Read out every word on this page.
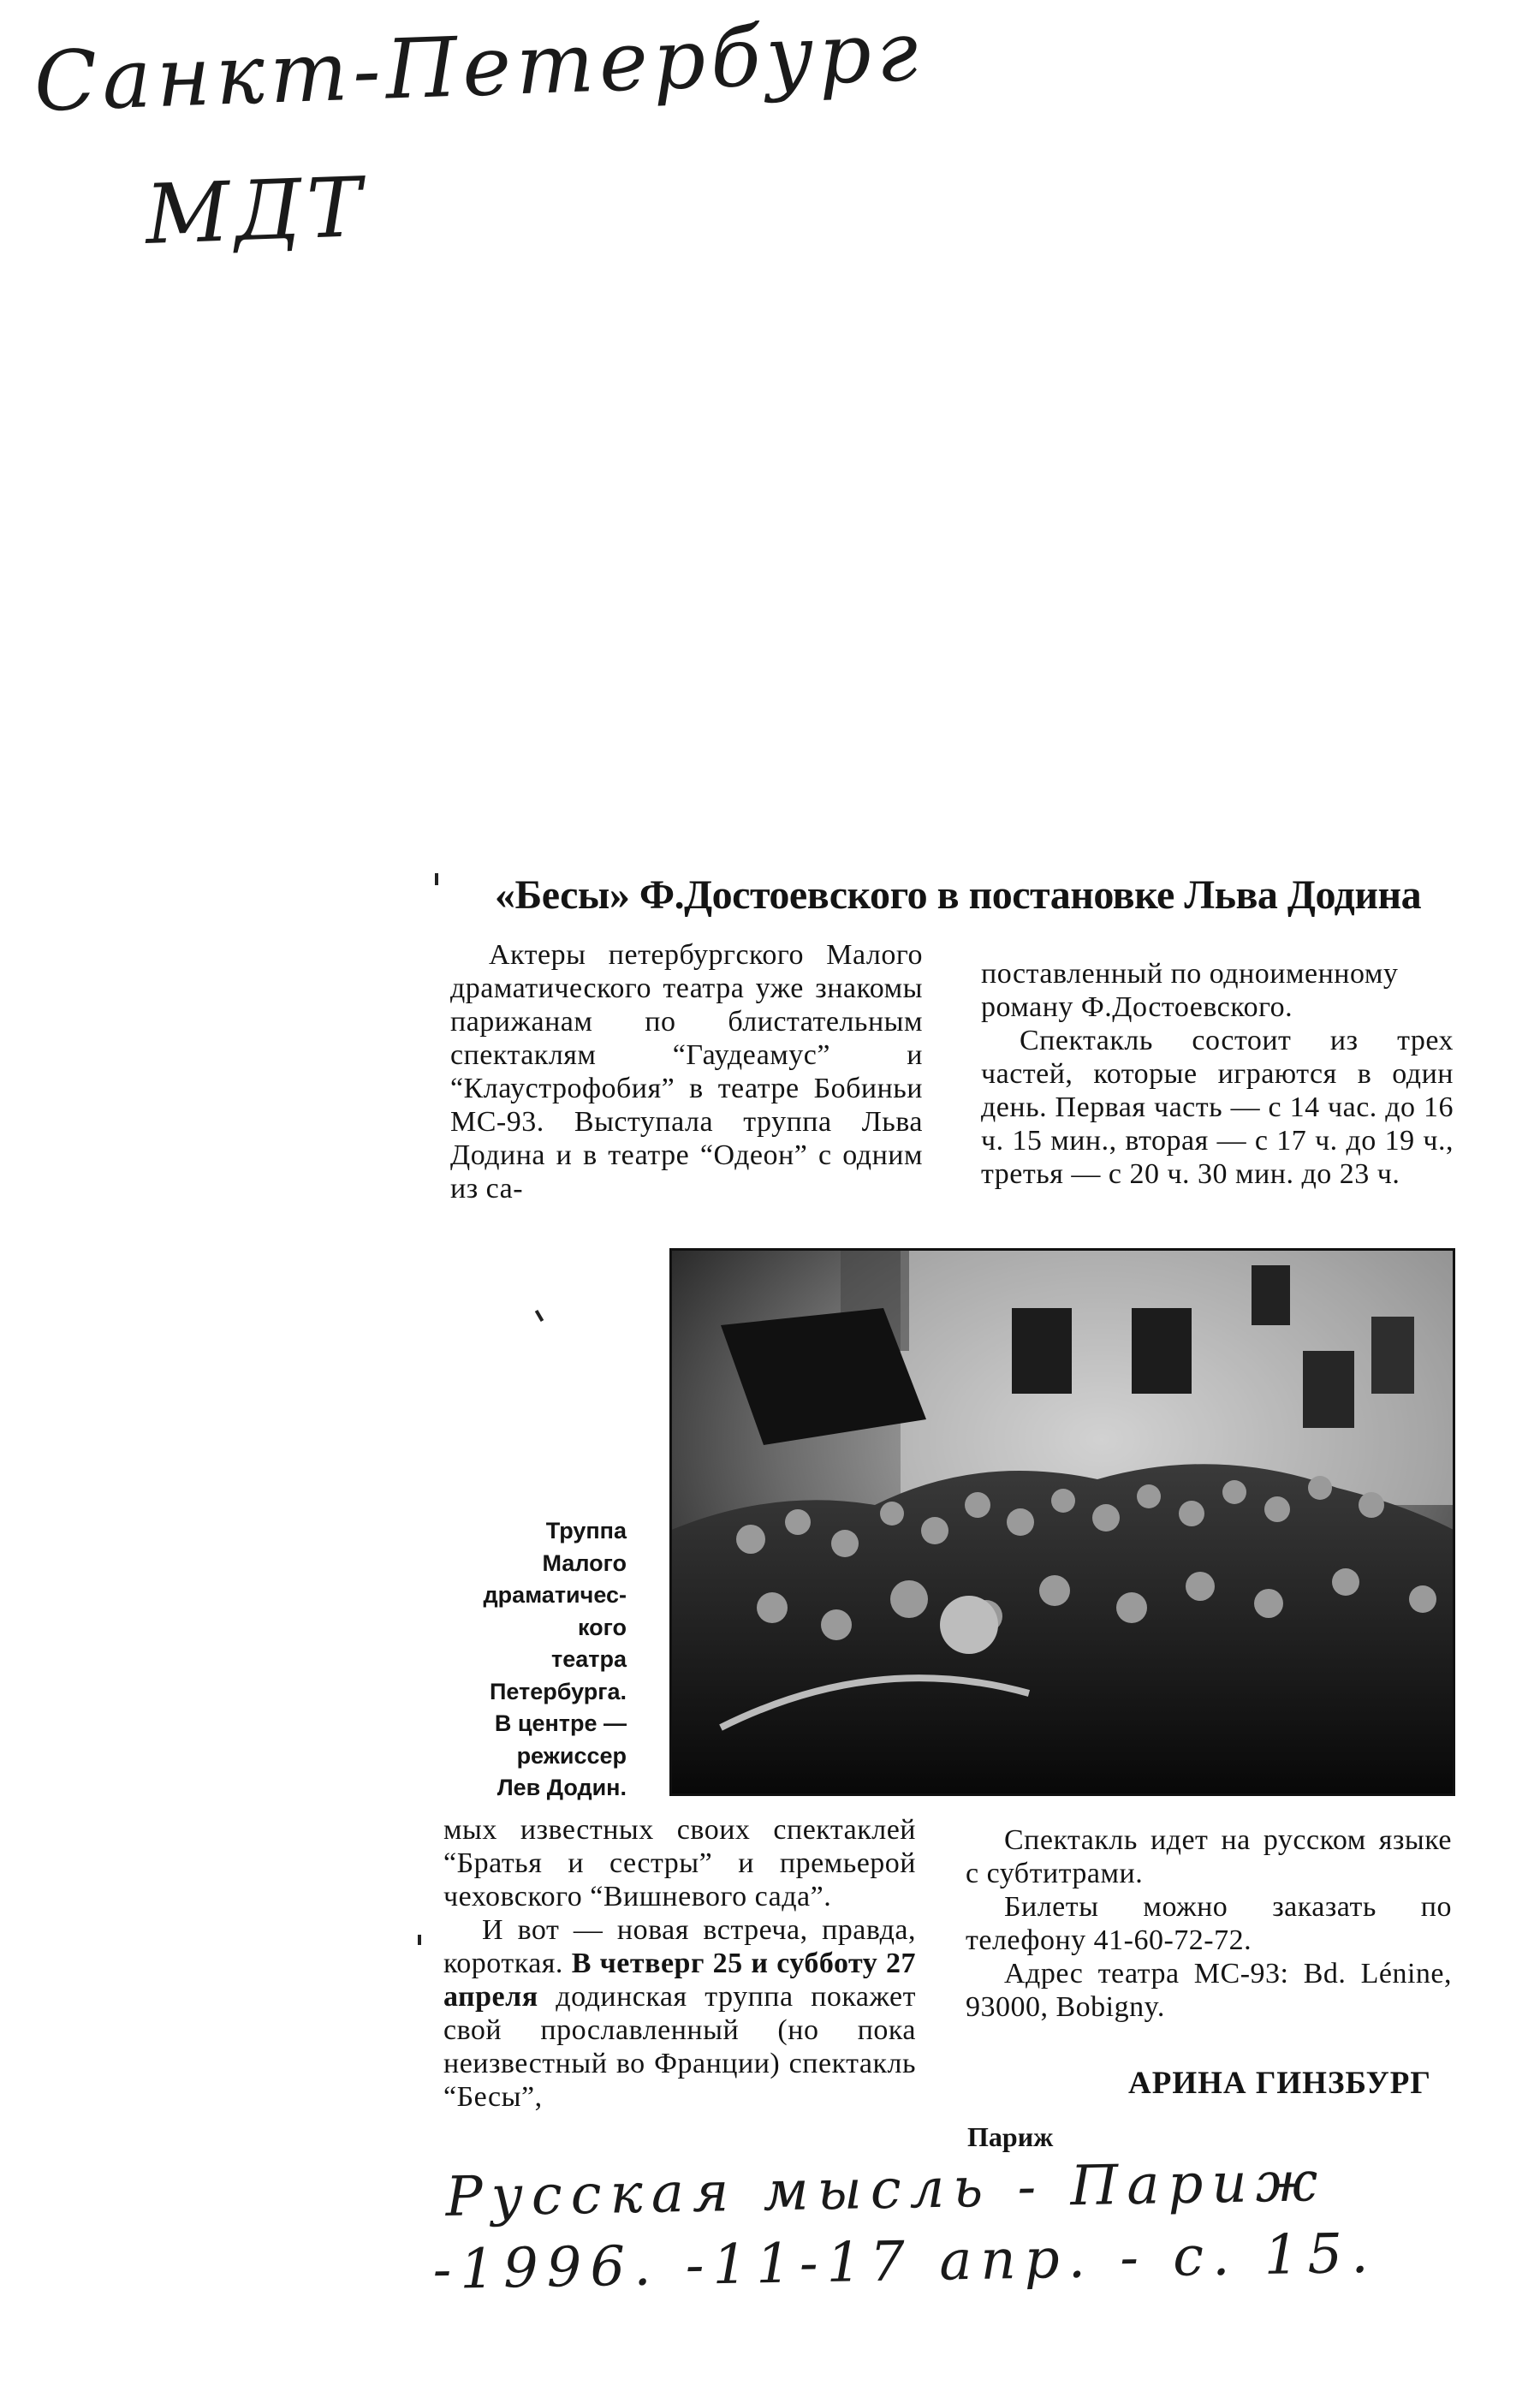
Санкт-Петербург
МДТ
«Бесы» Ф.Достоевского в постановке Льва Додина

Актеры петербургского Малого драматического театра уже знакомы парижанам по блистательным спектаклям “Гаудеамус” и “Клаустрофобия” в театре Бобиньи МС-93. Выступала труппа Льва Додина и в театре “Одеон” с одним из са-

поставленный по одноименному роману Ф.Достоевского.

Спектакль состоит из трех частей, которые играются в один день. Первая часть — с 14 час. до 16 ч. 15 мин., вторая — с 17 ч. до 19 ч., третья — с 20 ч. 30 мин. до 23 ч.

Труппа
Малого
драматичес-
кого
театра
Петербурга.
В центре —
режиссер
Лев Додин.

мых известных своих спектаклей “Братья и сестры” и премьерой чеховского “Вишневого сада”.

И вот — новая встреча, правда, короткая. В четверг 25 и субботу 27 апреля додинская труппа покажет свой прославленный (но пока неизвестный во Франции) спектакль “Бесы”,

Спектакль идет на русском языке с субтитрами.

Билеты можно заказать по телефону 41-60-72-72.

Адрес театра МС-93: Bd. Lénine, 93000, Bobigny.

АРИНА ГИНЗБУРГ
Париж
Русская мысль - Париж
-1996. -11-17 апр. - с. 15.
